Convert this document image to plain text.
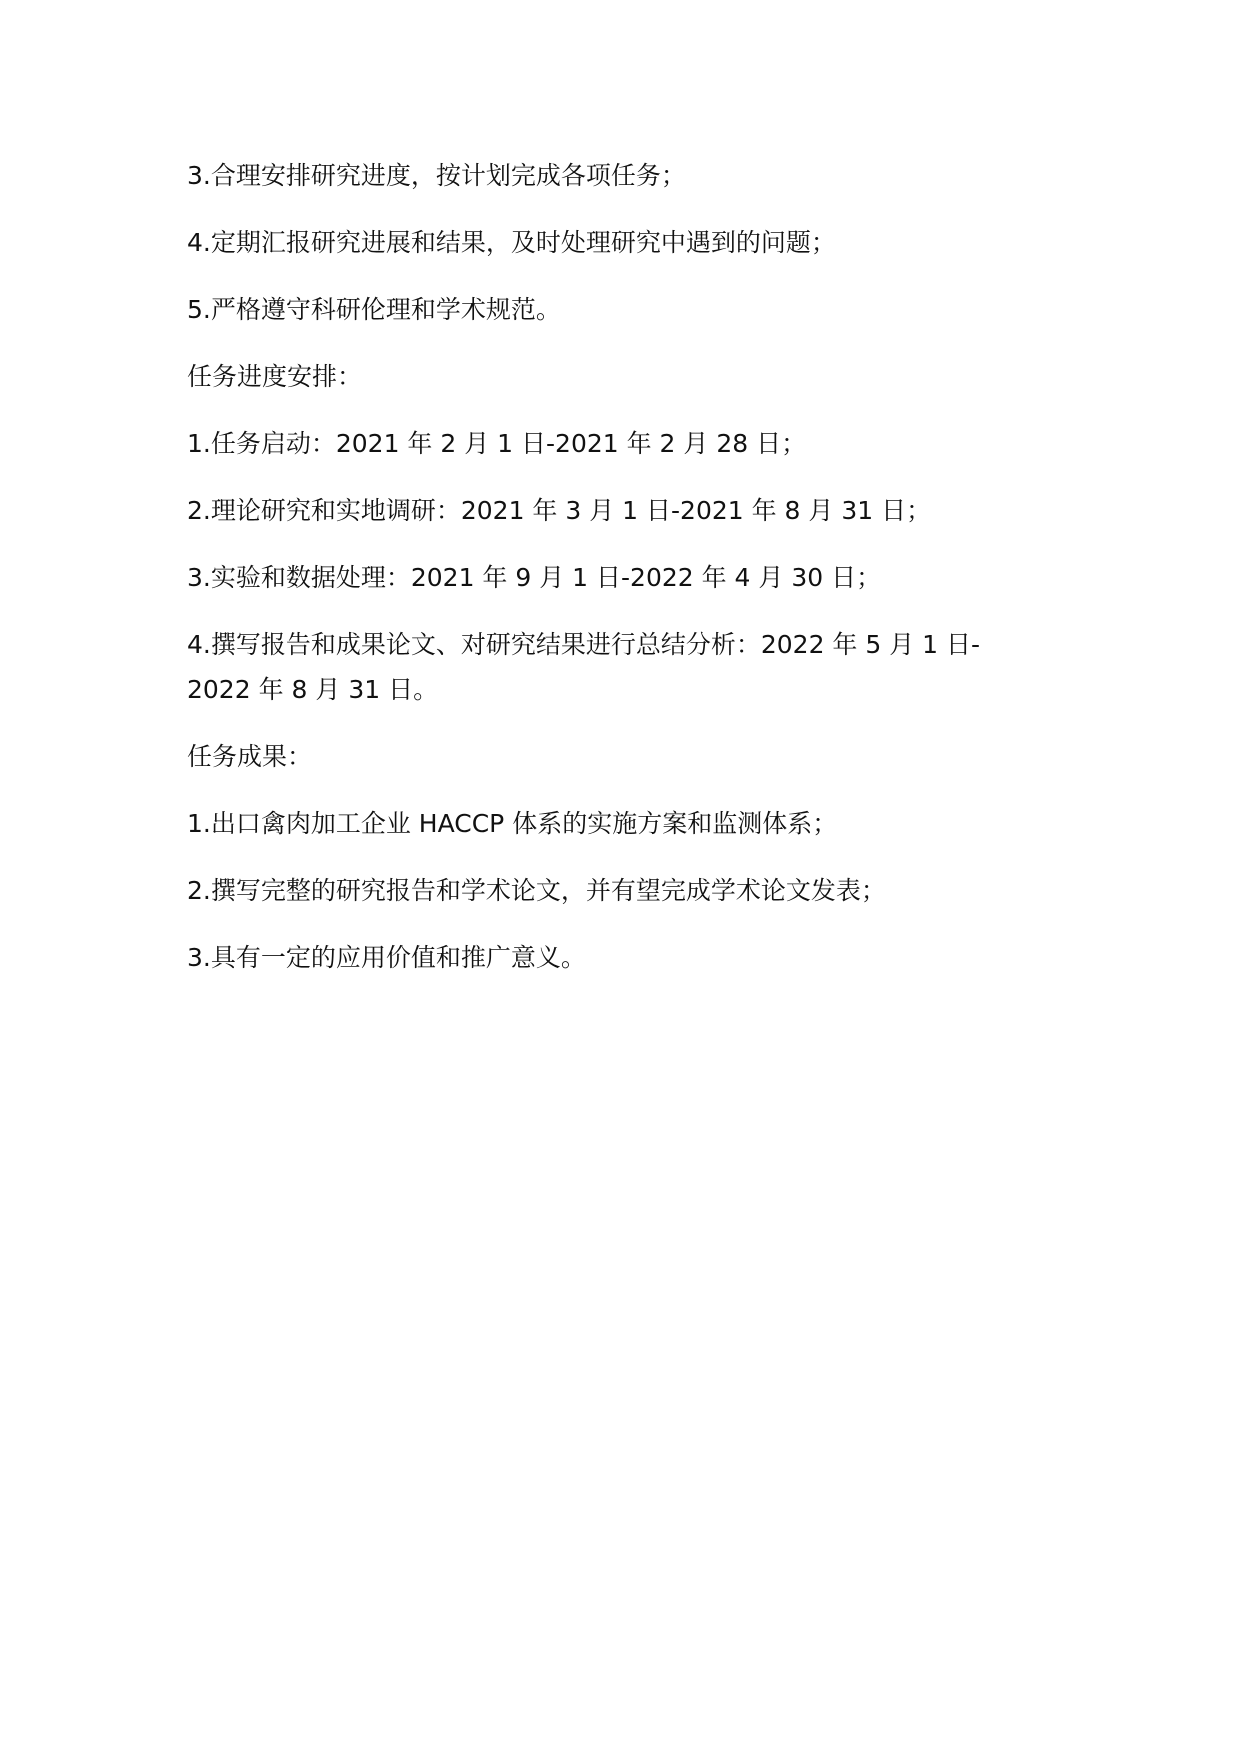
3.合理安排研究进度，按计划完成各项任务；

4.定期汇报研究进展和结果，及时处理研究中遇到的问题；

5.严格遵守科研伦理和学术规范。

任务进度安排：

1.任务启动：2021 年 2 月 1 日-2021 年 2 月 28 日；

2.理论研究和实地调研：2021 年 3 月 1 日-2021 年 8 月 31 日；

3.实验和数据处理：2021 年 9 月 1 日-2022 年 4 月 30 日；

4.撰写报告和成果论文、对研究结果进行总结分析：2022 年 5 月 1 日-
2022 年 8 月 31 日。

任务成果：

1.出口禽肉加工企业 HACCP 体系的实施方案和监测体系；

2.撰写完整的研究报告和学术论文，并有望完成学术论文发表；

3.具有一定的应用价值和推广意义。
